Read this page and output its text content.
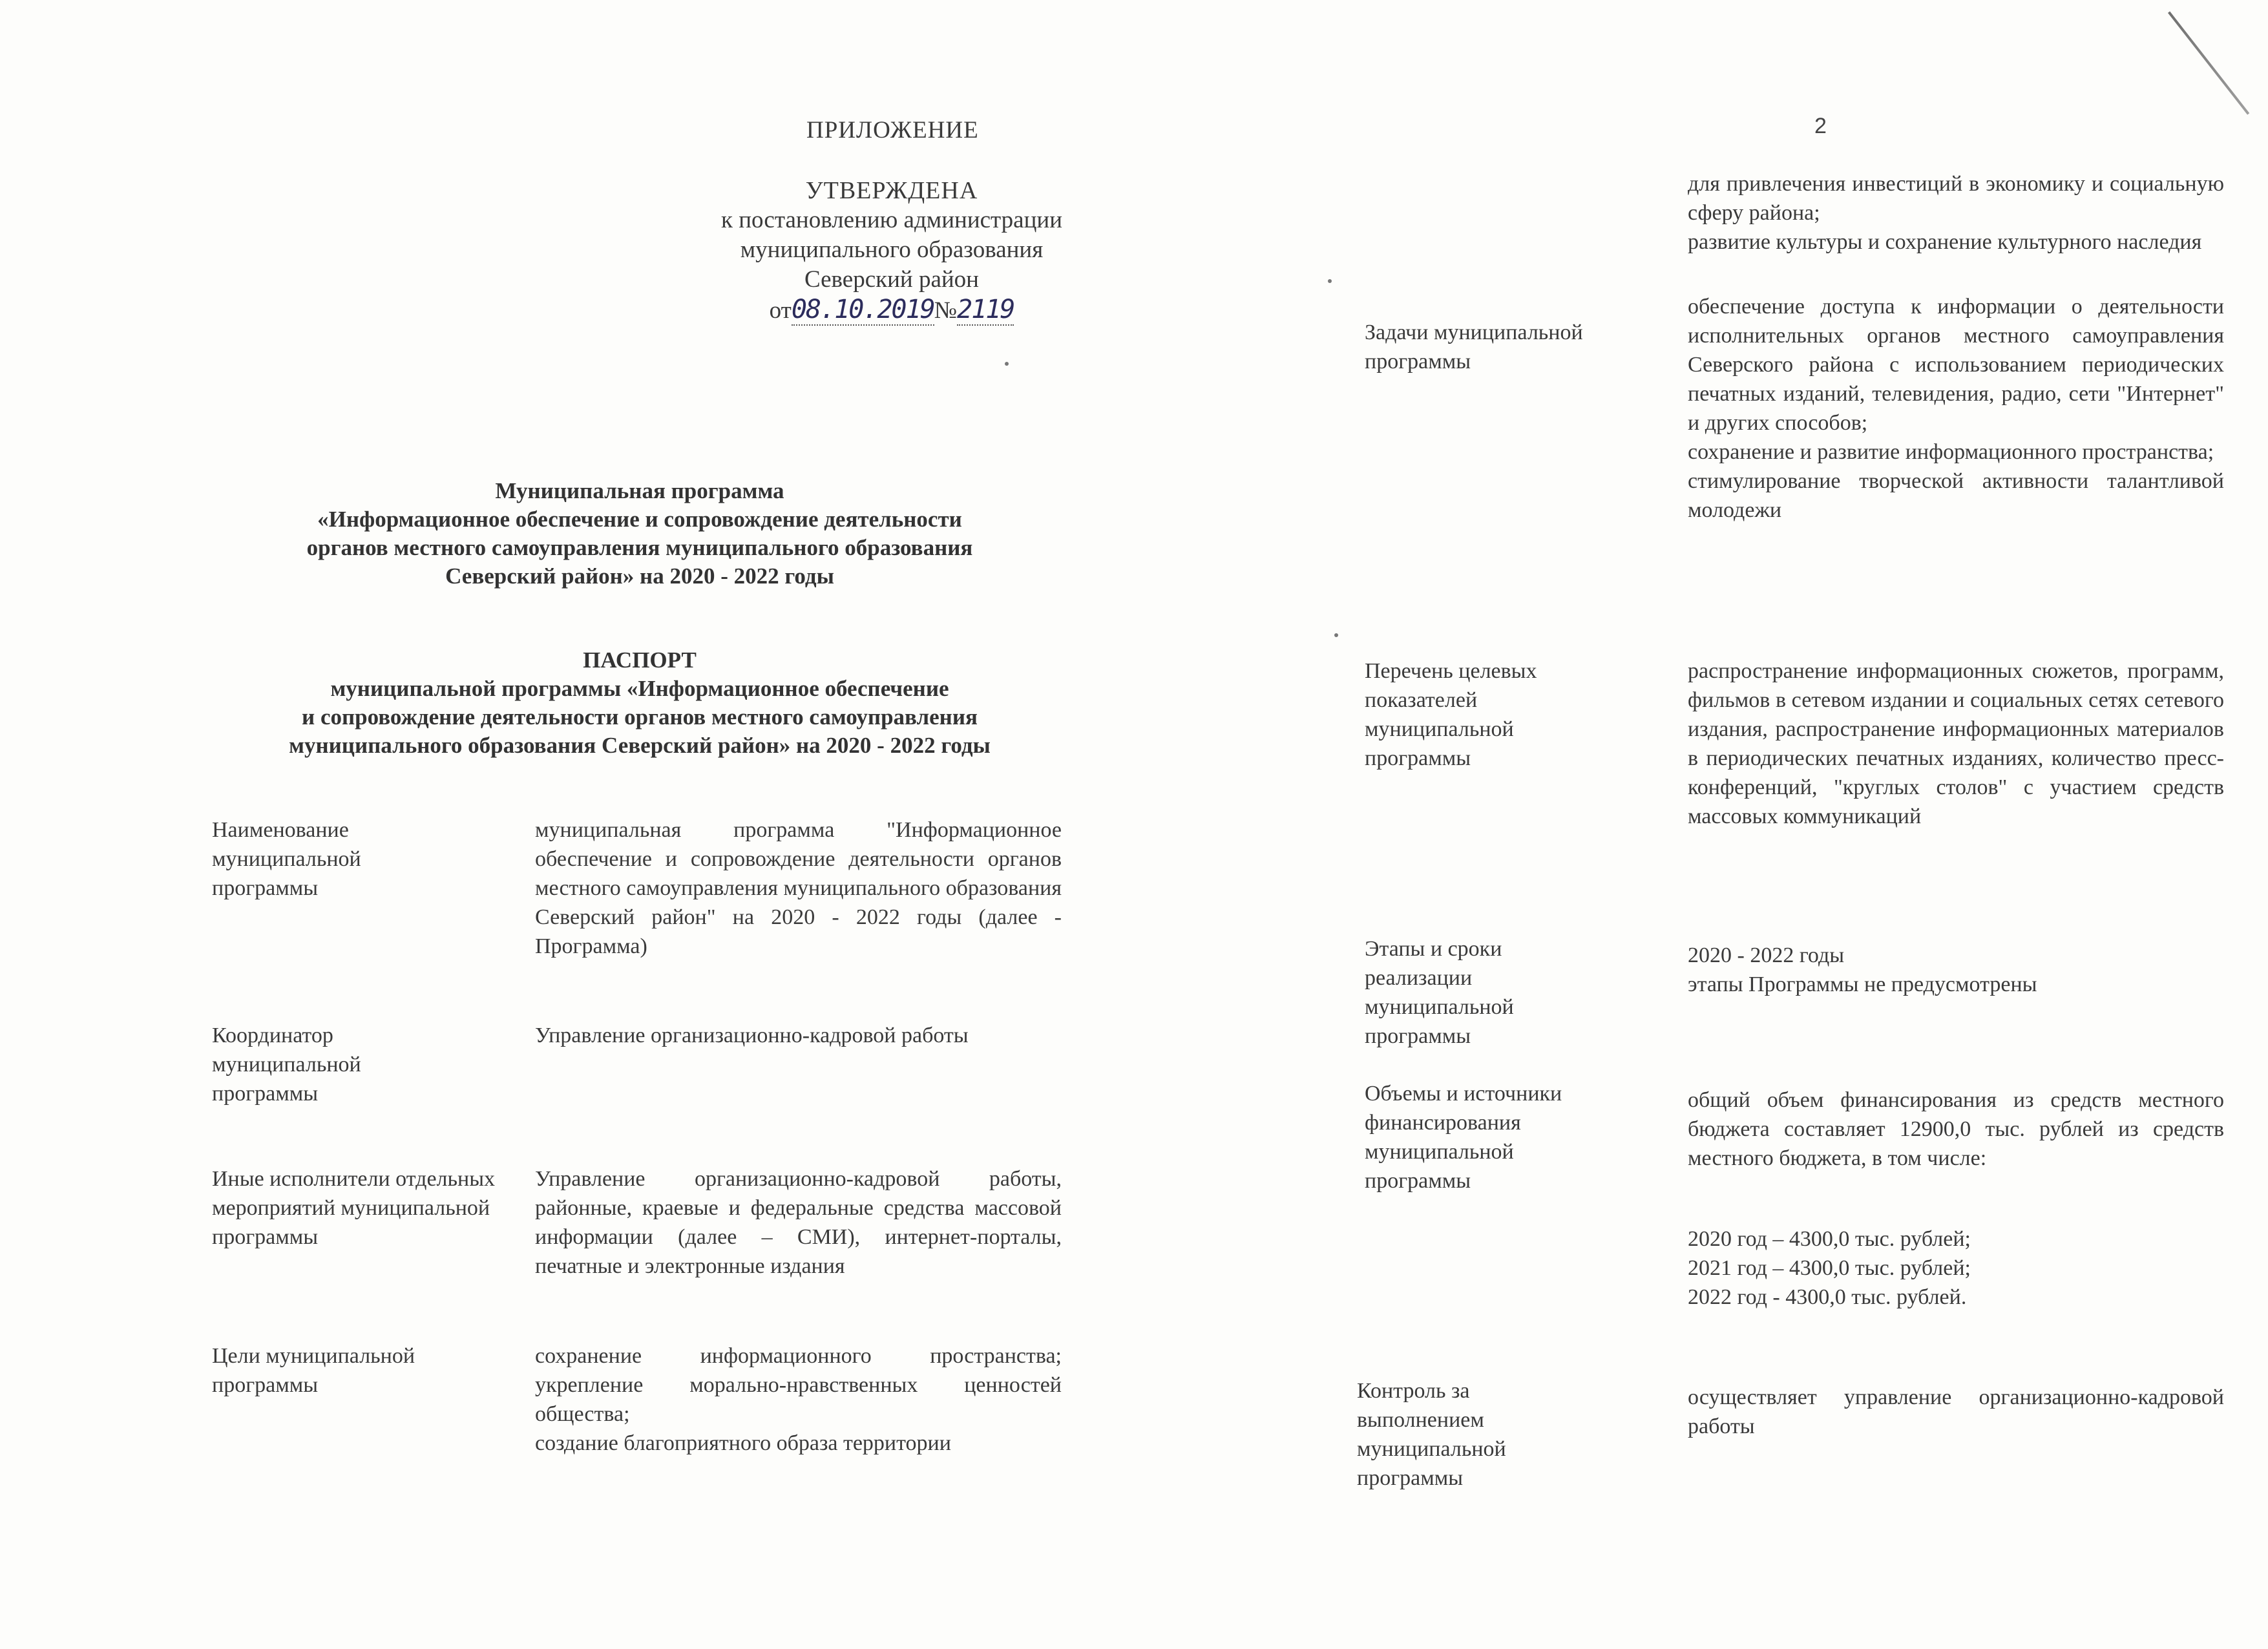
ПРИЛОЖЕНИЕ
УТВЕРЖДЕНА
к постановлению администрации
муниципального образования
Северский район
от08.10.2019№2119
Муниципальная программа
«Информационное обеспечение и сопровождение деятельности
органов местного самоуправления муниципального образования
Северский район» на 2020 - 2022 годы
ПАСПОРТ
муниципальной программы «Информационное обеспечение
и сопровождение деятельности органов местного самоуправления
муниципального образования Северский район» на 2020 - 2022 годы
Наименование муниципальной программы
муниципальная программа "Информационное обеспечение и сопровождение деятельности органов местного самоуправления муниципального образования Северский район" на 2020 - 2022 годы (далее - Программа)
Координатор муниципальной программы
Управление организационно-кадровой работы
Иные исполнители отдельных мероприятий муниципальной программы
Управление организационно-кадровой работы, районные, краевые и федеральные средства массовой информации (далее – СМИ), интернет-порталы, печатные и электронные издания
Цели муниципальной программы
сохранение информационного пространства; укрепление морально-нравственных ценностей общества;
создание благоприятного образа территории
2
для привлечения инвестиций в экономику и социальную сферу района;
развитие культуры и сохранение культурного наследия
Задачи муниципальной программы
обеспечение доступа к информации о деятельности исполнительных органов местного самоуправления Северского района с использованием периодических печатных изданий, телевидения, радио, сети "Интернет" и других способов;
сохранение и развитие информационного пространства;
стимулирование творческой активности талантливой молодежи
Перечень целевых показателей муниципальной программы
распространение информационных сюжетов, программ, фильмов в сетевом издании и социальных сетях сетевого издания, распространение информационных материалов в периодических печатных изданиях, количество пресс-конференций, "круглых столов" с участием средств массовых коммуникаций
Этапы и сроки реализации муниципальной программы
2020 - 2022 годы
этапы Программы не предусмотрены
Объемы и источники финансирования муниципальной программы
общий объем финансирования из средств местного бюджета составляет 12900,0 тыс. рублей из средств местного бюджета, в том числе:
2020 год – 4300,0 тыс. рублей;
2021 год – 4300,0 тыс. рублей;
2022 год - 4300,0 тыс. рублей.
Контроль за выполнением муниципальной программы
осуществляет управление организационно-кадровой работы
